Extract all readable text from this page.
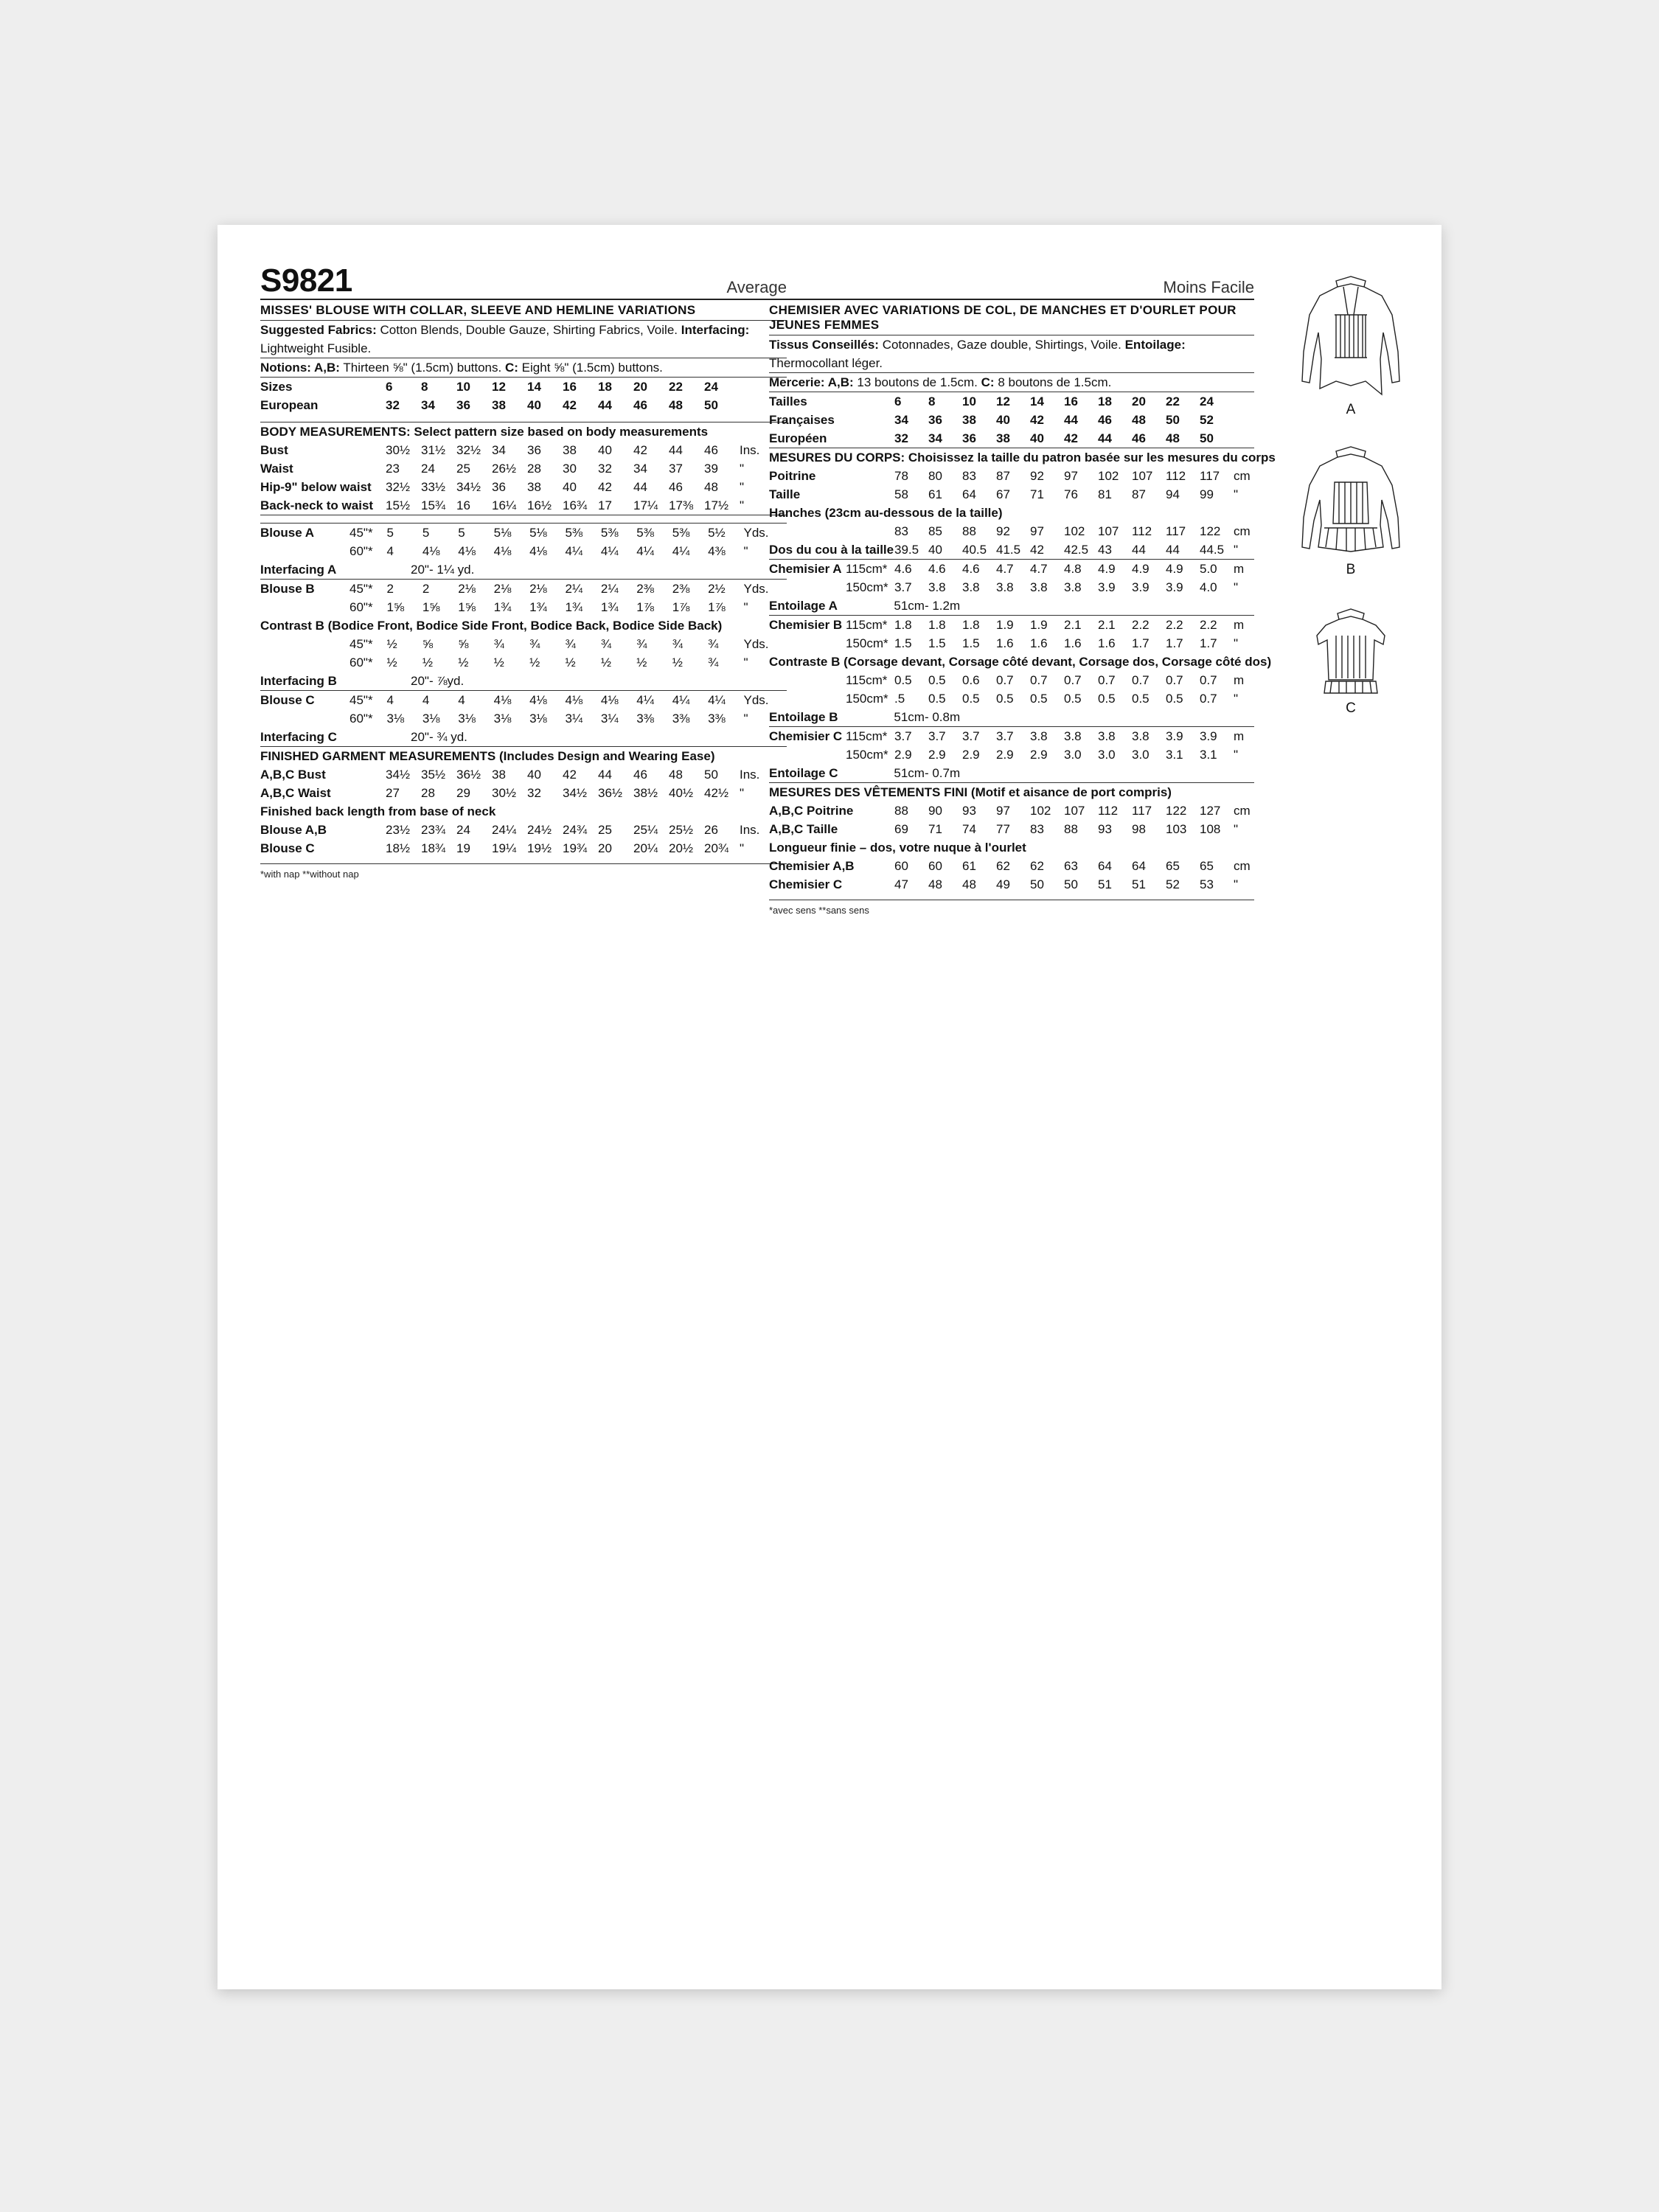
S9821	Average
MISSES' BLOUSE WITH COLLAR, SLEEVE AND HEMLINE VARIATIONS
Suggested Fabrics: Cotton Blends, Double Gauze, Shirting Fabrics, Voile. Interfacing: Lightweight Fusible.
Notions: A,B: Thirteen ⅝" (1.5cm) buttons. C: Eight ⅝" (1.5cm) buttons.
Sizes	6	8	10	12	14	16	18	20	22	24	
European	32	34	36	38	40	42	44	46	48	50	
BODY MEASUREMENTS: Select pattern size based on body measurements
Bust	30½	31½	32½	34	36	38	40	42	44	46	Ins.
Waist	23	24	25	26½	28	30	32	34	37	39	"
Hip-9" below waist	32½	33½	34½	36	38	40	42	44	46	48	"
Back-neck to waist	15½	15¾	16	16¼	16½	16¾	17	17¼	17⅜	17½	"
Blouse A	45"*	5	5	5	5⅛	5⅛	5⅜	5⅜	5⅜	5⅜	5½	Yds.
	60"*	4	4⅛	4⅛	4⅛	4⅛	4¼	4¼	4¼	4¼	4⅜	"
Interfacing A	20"- 1¼ yd.
Blouse B	45"*	2	2	2⅛	2⅛	2⅛	2¼	2¼	2⅜	2⅜	2½	Yds.
	60"*	1⅝	1⅝	1⅝	1¾	1¾	1¾	1¾	1⅞	1⅞	1⅞	"
Contrast B (Bodice Front, Bodice Side Front, Bodice Back, Bodice Side Back)
	45"*	½	⅝	⅝	¾	¾	¾	¾	¾	¾	¾	Yds.
	60"*	½	½	½	½	½	½	½	½	½	¾	"
Interfacing B	20"- ⅞yd.
Blouse C	45"*	4	4	4	4⅛	4⅛	4⅛	4⅛	4¼	4¼	4¼	Yds.
	60"*	3⅛	3⅛	3⅛	3⅛	3⅛	3¼	3¼	3⅜	3⅜	3⅜	"
Interfacing C	20"- ¾ yd.
FINISHED GARMENT MEASUREMENTS (Includes Design and Wearing Ease)
A,B,C Bust	34½	35½	36½	38	40	42	44	46	48	50	Ins.
A,B,C Waist	27	28	29	30½	32	34½	36½	38½	40½	42½	"
Finished back length from base of neck
Blouse A,B	23½	23¾	24	24¼	24½	24¾	25	25¼	25½	26	Ins.
Blouse C	18½	18¾	19	19¼	19½	19¾	20	20¼	20½	20¾	"
*with nap **without nap
Moins Facile
CHEMISIER AVEC VARIATIONS DE COL, DE MANCHES ET D'OURLET POUR JEUNES FEMMES
Tissus Conseillés: Cotonnades, Gaze double, Shirtings, Voile. Entoilage: Thermocollant léger.
Mercerie: A,B: 13 boutons de 1.5cm. C: 8 boutons de 1.5cm.
Tailles	6	8	10	12	14	16	18	20	22	24	
Françaises	34	36	38	40	42	44	46	48	50	52	
Européen	32	34	36	38	40	42	44	46	48	50	
MESURES DU CORPS: Choisissez la taille du patron basée sur les mesures du corps
Poitrine	78	80	83	87	92	97	102	107	112	117	cm
Taille	58	61	64	67	71	76	81	87	94	99	"
Hanches (23cm au-dessous de la taille)
	83	85	88	92	97	102	107	112	117	122	cm
Dos du cou à la taille	39.5	40	40.5	41.5	42	42.5	43	44	44	44.5	"
Chemisier A	115cm*	4.6	4.6	4.6	4.7	4.7	4.8	4.9	4.9	4.9	5.0	m
	150cm*	3.7	3.8	3.8	3.8	3.8	3.8	3.9	3.9	3.9	4.0	"
Entoilage A	51cm- 1.2m
Chemisier B	115cm*	1.8	1.8	1.8	1.9	1.9	2.1	2.1	2.2	2.2	2.2	m
	150cm*	1.5	1.5	1.5	1.6	1.6	1.6	1.6	1.7	1.7	1.7	"
Contraste B (Corsage devant, Corsage côté devant, Corsage dos, Corsage côté dos)
	115cm*	0.5	0.5	0.6	0.7	0.7	0.7	0.7	0.7	0.7	0.7	m
	150cm*	.5	0.5	0.5	0.5	0.5	0.5	0.5	0.5	0.5	0.7	"
Entoilage B	51cm- 0.8m
Chemisier C	115cm*	3.7	3.7	3.7	3.7	3.8	3.8	3.8	3.8	3.9	3.9	m
	150cm*	2.9	2.9	2.9	2.9	2.9	3.0	3.0	3.0	3.1	3.1	"
Entoilage C	51cm- 0.7m
MESURES DES VÊTEMENTS FINI (Motif et aisance de port compris)
A,B,C Poitrine	88	90	93	97	102	107	112	117	122	127	cm
A,B,C Taille	69	71	74	77	83	88	93	98	103	108	"
Longueur finie – dos, votre nuque à l'ourlet
Chemisier A,B	60	60	61	62	62	63	64	64	65	65	cm
Chemisier C	47	48	48	49	50	50	51	51	52	53	"
*avec sens **sans sens
A
B
C
